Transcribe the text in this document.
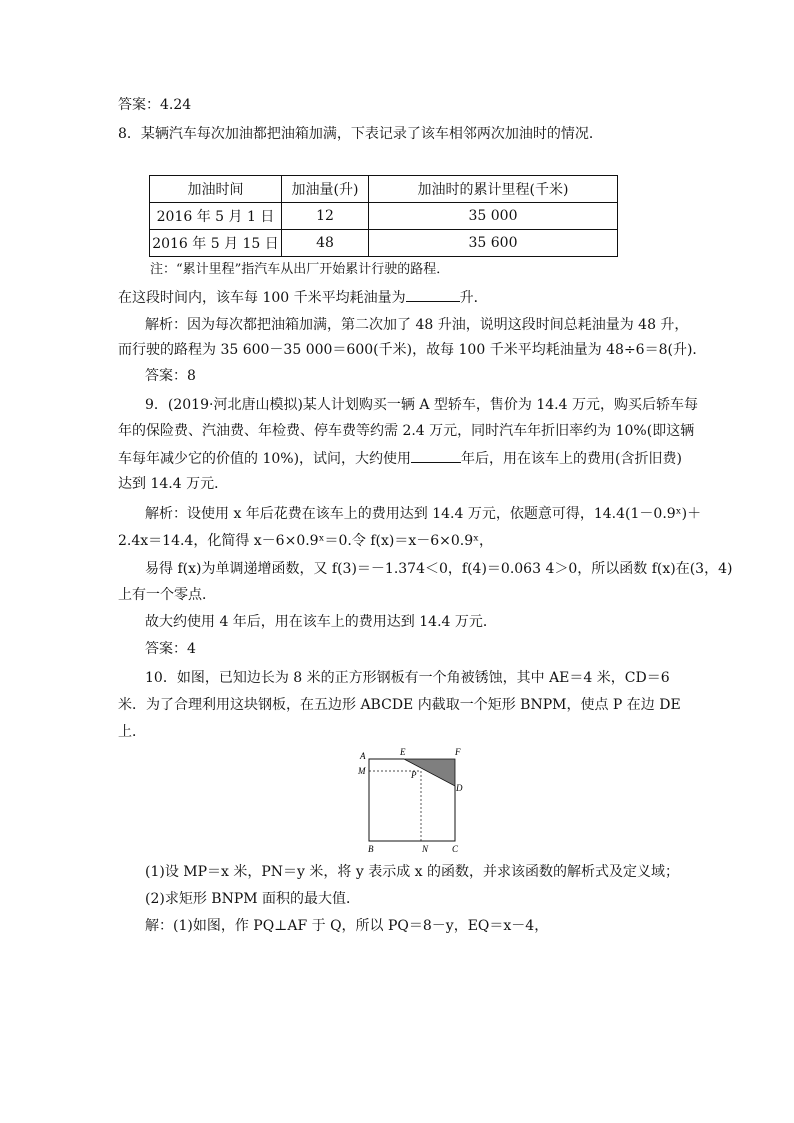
答案：4.24
8．某辆汽车每次加油都把油箱加满，下表记录了该车相邻两次加油时的情况．
加油时间	加油量(升)	加油时的累计里程(千米)
2016 年 5 月 1 日	12	35 000
2016 年 5 月 15 日	48	35 600
注：“累计里程”指汽车从出厂开始累计行驶的路程．
在这段时间内，该车每 100 千米平均耗油量为	升．
解析：因为每次都把油箱加满，第二次加了 48 升油，说明这段时间总耗油量为 48 升，
而行驶的路程为 35 600－35 000＝600(千米)，故每 100 千米平均耗油量为 48÷6＝8(升)．
答案：8
9．(2019·河北唐山模拟)某人计划购买一辆 A 型轿车，售价为 14.4 万元，购买后轿车每
年的保险费、汽油费、年检费、停车费等约需 2.4 万元，同时汽车年折旧率约为 10%(即这辆
车每年减少它的价值的 10%)，试问，大约使用	年后，用在该车上的费用(含折旧费)
达到 14.4 万元．
解析：设使用 x 年后花费在该车上的费用达到 14.4 万元，依题意可得，14.4(1－0.9ˣ)＋
2.4x＝14.4，化简得 x－6×0.9ˣ＝0.令 f(x)＝x－6×0.9ˣ，
易得 f(x)为单调递增函数，又 f(3)＝－1.374＜0，f(4)＝0.063 4＞0，所以函数 f(x)在(3，4)
上有一个零点．
故大约使用 4 年后，用在该车上的费用达到 14.4 万元．
答案：4
10．如图，已知边长为 8 米的正方形钢板有一个角被锈蚀，其中 AE＝4 米，CD＝6
米．为了合理利用这块钢板，在五边形 ABCDE 内截取一个矩形 BNPM，使点 P 在边 DE
上．
A	E	F
M	P
D
B	N	C
(1)设 MP＝x 米，PN＝y 米，将 y 表示成 x 的函数，并求该函数的解析式及定义域；
(2)求矩形 BNPM 面积的最大值．
解：(1)如图，作 PQ⊥AF 于 Q，所以 PQ＝8－y，EQ＝x－4，
